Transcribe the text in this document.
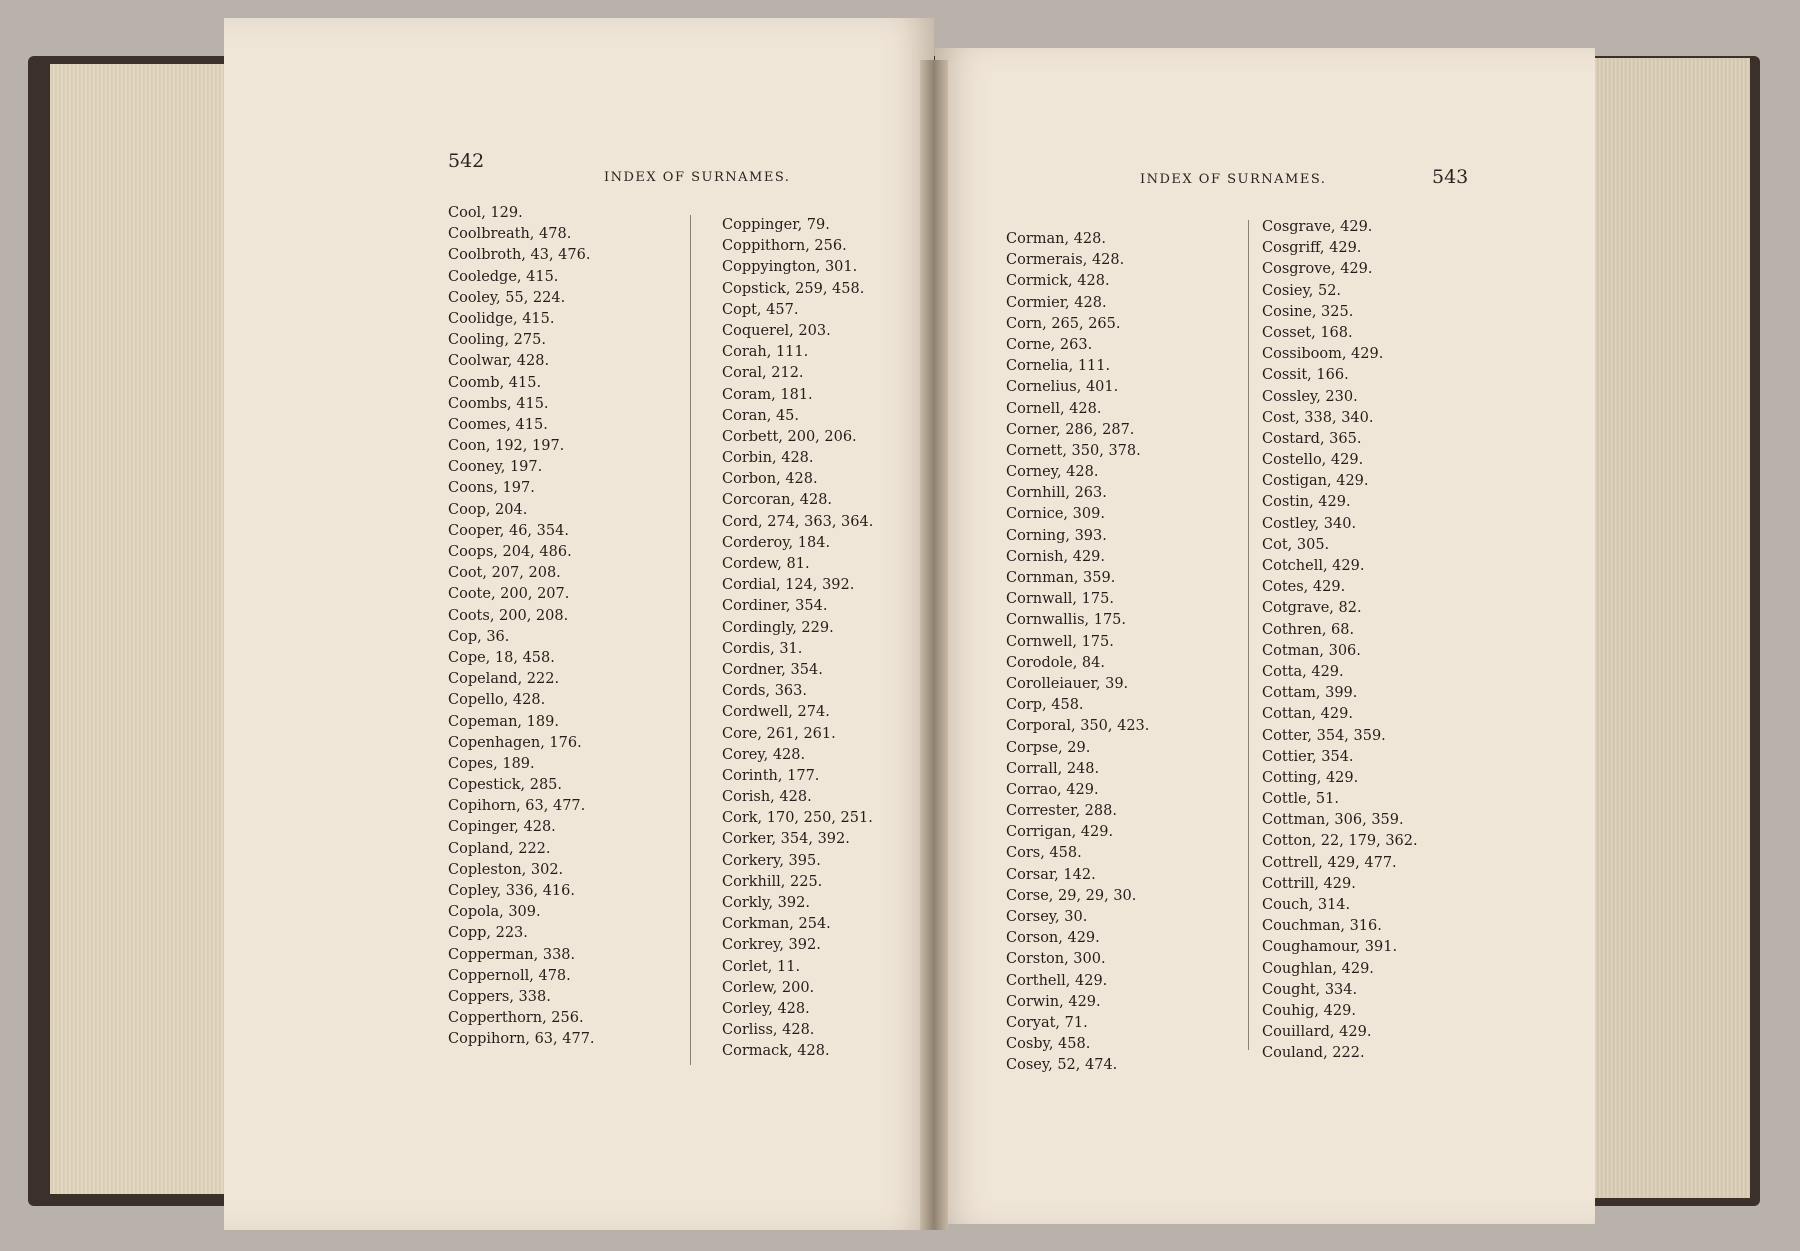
542
INDEX OF SURNAMES.
Cool, 129.
Coolbreath, 478.
Coolbroth, 43, 476.
Cooledge, 415.
Cooley, 55, 224.
Coolidge, 415.
Cooling, 275.
Coolwar, 428.
Coomb, 415.
Coombs, 415.
Coomes, 415.
Coon, 192, 197.
Cooney, 197.
Coons, 197.
Coop, 204.
Cooper, 46, 354.
Coops, 204, 486.
Coot, 207, 208.
Coote, 200, 207.
Coots, 200, 208.
Cop, 36.
Cope, 18, 458.
Copeland, 222.
Copello, 428.
Copeman, 189.
Copenhagen, 176.
Copes, 189.
Copestick, 285.
Copihorn, 63, 477.
Copinger, 428.
Copland, 222.
Copleston, 302.
Copley, 336, 416.
Copola, 309.
Copp, 223.
Copperman, 338.
Coppernoll, 478.
Coppers, 338.
Copperthorn, 256.
Coppihorn, 63, 477.
Coppinger, 79.
Coppithorn, 256.
Coppyington, 301.
Copstick, 259, 458.
Copt, 457.
Coquerel, 203.
Corah, 111.
Coral, 212.
Coram, 181.
Coran, 45.
Corbett, 200, 206.
Corbin, 428.
Corbon, 428.
Corcoran, 428.
Cord, 274, 363, 364.
Corderoy, 184.
Cordew, 81.
Cordial, 124, 392.
Cordiner, 354.
Cordingly, 229.
Cordis, 31.
Cordner, 354.
Cords, 363.
Cordwell, 274.
Core, 261, 261.
Corey, 428.
Corinth, 177.
Corish, 428.
Cork, 170, 250, 251.
Corker, 354, 392.
Corkery, 395.
Corkhill, 225.
Corkly, 392.
Corkman, 254.
Corkrey, 392.
Corlet, 11.
Corlew, 200.
Corley, 428.
Corliss, 428.
Cormack, 428.
INDEX OF SURNAMES.	543
Corman, 428.
Cormerais, 428.
Cormick, 428.
Cormier, 428.
Corn, 265, 265.
Corne, 263.
Cornelia, 111.
Cornelius, 401.
Cornell, 428.
Corner, 286, 287.
Cornett, 350, 378.
Corney, 428.
Cornhill, 263.
Cornice, 309.
Corning, 393.
Cornish, 429.
Cornman, 359.
Cornwall, 175.
Cornwallis, 175.
Cornwell, 175.
Corodole, 84.
Corolleiauer, 39.
Corp, 458.
Corporal, 350, 423.
Corpse, 29.
Corrall, 248.
Corrao, 429.
Correster, 288.
Corrigan, 429.
Cors, 458.
Corsar, 142.
Corse, 29, 29, 30.
Corsey, 30.
Corson, 429.
Corston, 300.
Corthell, 429.
Corwin, 429.
Coryat, 71.
Cosby, 458.
Cosey, 52, 474.
Cosgrave, 429.
Cosgriff, 429.
Cosgrove, 429.
Cosiey, 52.
Cosine, 325.
Cosset, 168.
Cossiboom, 429.
Cossit, 166.
Cossley, 230.
Cost, 338, 340.
Costard, 365.
Costello, 429.
Costigan, 429.
Costin, 429.
Costley, 340.
Cot, 305.
Cotchell, 429.
Cotes, 429.
Cotgrave, 82.
Cothren, 68.
Cotman, 306.
Cotta, 429.
Cottam, 399.
Cottan, 429.
Cotter, 354, 359.
Cottier, 354.
Cotting, 429.
Cottle, 51.
Cottman, 306, 359.
Cotton, 22, 179, 362.
Cottrell, 429, 477.
Cottrill, 429.
Couch, 314.
Couchman, 316.
Coughamour, 391.
Coughlan, 429.
Cought, 334.
Couhig, 429.
Couillard, 429.
Couland, 222.
